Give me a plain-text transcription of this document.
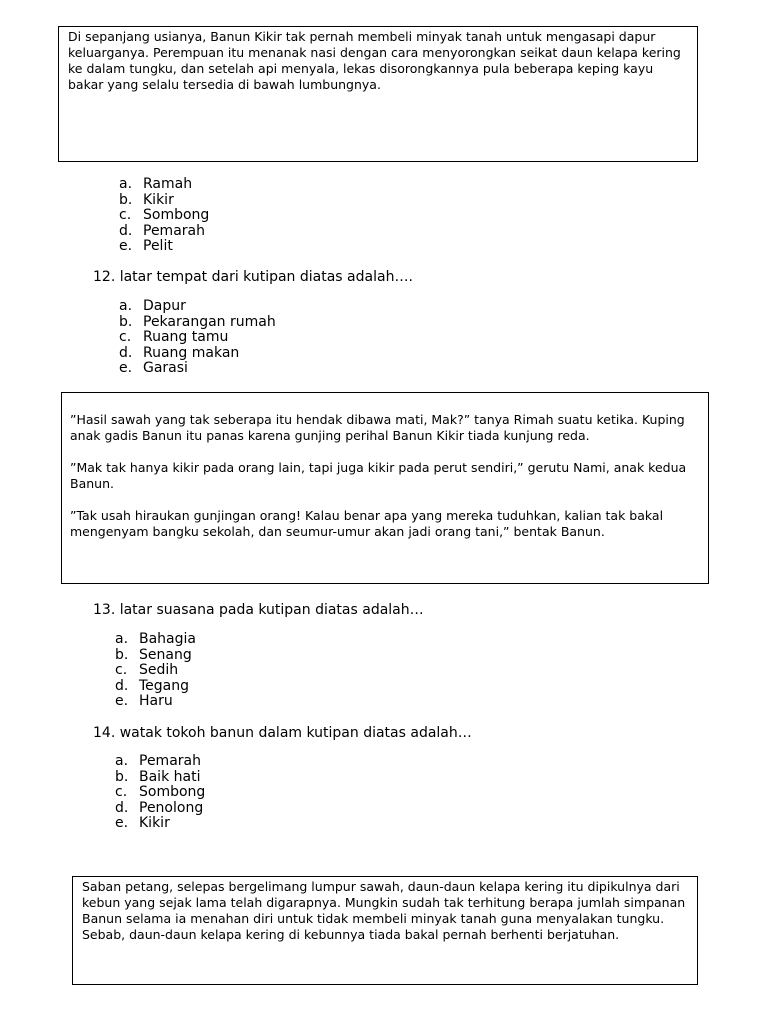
Di sepanjang usianya, Banun Kikir tak pernah membeli minyak tanah untuk mengasapi dapur keluarganya. Perempuan itu menanak nasi dengan cara menyorongkan seikat daun kelapa kering ke dalam tungku, dan setelah api menyala, lekas disorongkannya pula beberapa keping kayu bakar yang selalu tersedia di bawah lumbungnya.

a. Ramah
b. Kikir
c. Sombong
d. Pemarah
e. Pelit

12. latar tempat dari kutipan diatas adalah….

a. Dapur
b. Pekarangan rumah
c. Ruang tamu
d. Ruang makan
e. Garasi

”Hasil sawah yang tak seberapa itu hendak dibawa mati, Mak?” tanya Rimah suatu ketika. Kuping anak gadis Banun itu panas karena gunjing perihal Banun Kikir tiada kunjung reda.

”Mak tak hanya kikir pada orang lain, tapi juga kikir pada perut sendiri,” gerutu Nami, anak kedua Banun.

”Tak usah hiraukan gunjingan orang! Kalau benar apa yang mereka tuduhkan, kalian tak bakal mengenyam bangku sekolah, dan seumur-umur akan jadi orang tani,” bentak Banun.

13. latar suasana pada kutipan diatas adalah…

a. Bahagia
b. Senang
c. Sedih
d. Tegang
e. Haru

14. watak tokoh banun dalam kutipan diatas adalah…

a. Pemarah
b. Baik hati
c. Sombong
d. Penolong
e. Kikir

Saban petang, selepas bergelimang lumpur sawah, daun-daun kelapa kering itu dipikulnya dari kebun yang sejak lama telah digarapnya. Mungkin sudah tak terhitung berapa jumlah simpanan Banun selama ia menahan diri untuk tidak membeli minyak tanah guna menyalakan tungku. Sebab, daun-daun kelapa kering di kebunnya tiada bakal pernah berhenti berjatuhan.
